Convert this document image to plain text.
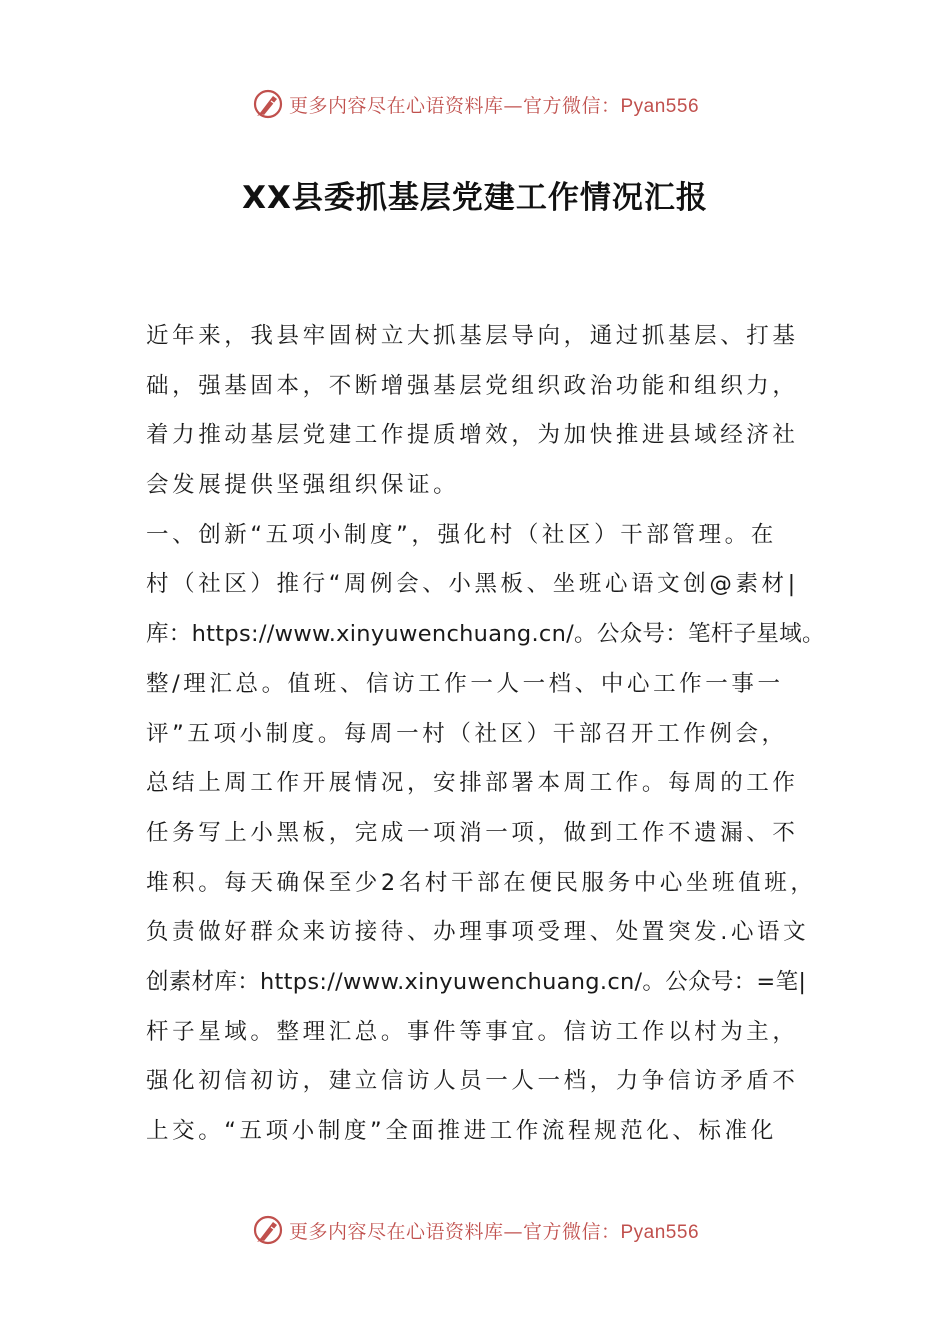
更多内容尽在心语资料库—官方微信：Pyan556
XX县委抓基层党建工作情况汇报
近年来，我县牢固树立大抓基层导向，通过抓基层、打基
础，强基固本，不断增强基层党组织政治功能和组织力，
着力推动基层党建工作提质增效，为加快推进县域经济社
会发展提供坚强组织保证。
一、创新“五项小制度”，强化村（社区）干部管理。在
村（社区）推行“周例会、小黑板、坐班心语文创@素材|
库：https://www.xinyuwenchuang.cn/。公众号：笔杆子星域。
整/理汇总。值班、信访工作一人一档、中心工作一事一
评”五项小制度。每周一村（社区）干部召开工作例会，
总结上周工作开展情况，安排部署本周工作。每周的工作
任务写上小黑板，完成一项消一项，做到工作不遗漏、不
堆积。每天确保至少2名村干部在便民服务中心坐班值班，
负责做好群众来访接待、办理事项受理、处置突发.心语文
创素材库：https://www.xinyuwenchuang.cn/。公众号：=笔|
杆子星域。整理汇总。事件等事宜。信访工作以村为主，
强化初信初访，建立信访人员一人一档，力争信访矛盾不
上交。“五项小制度”全面推进工作流程规范化、标准化
更多内容尽在心语资料库—官方微信：Pyan556
